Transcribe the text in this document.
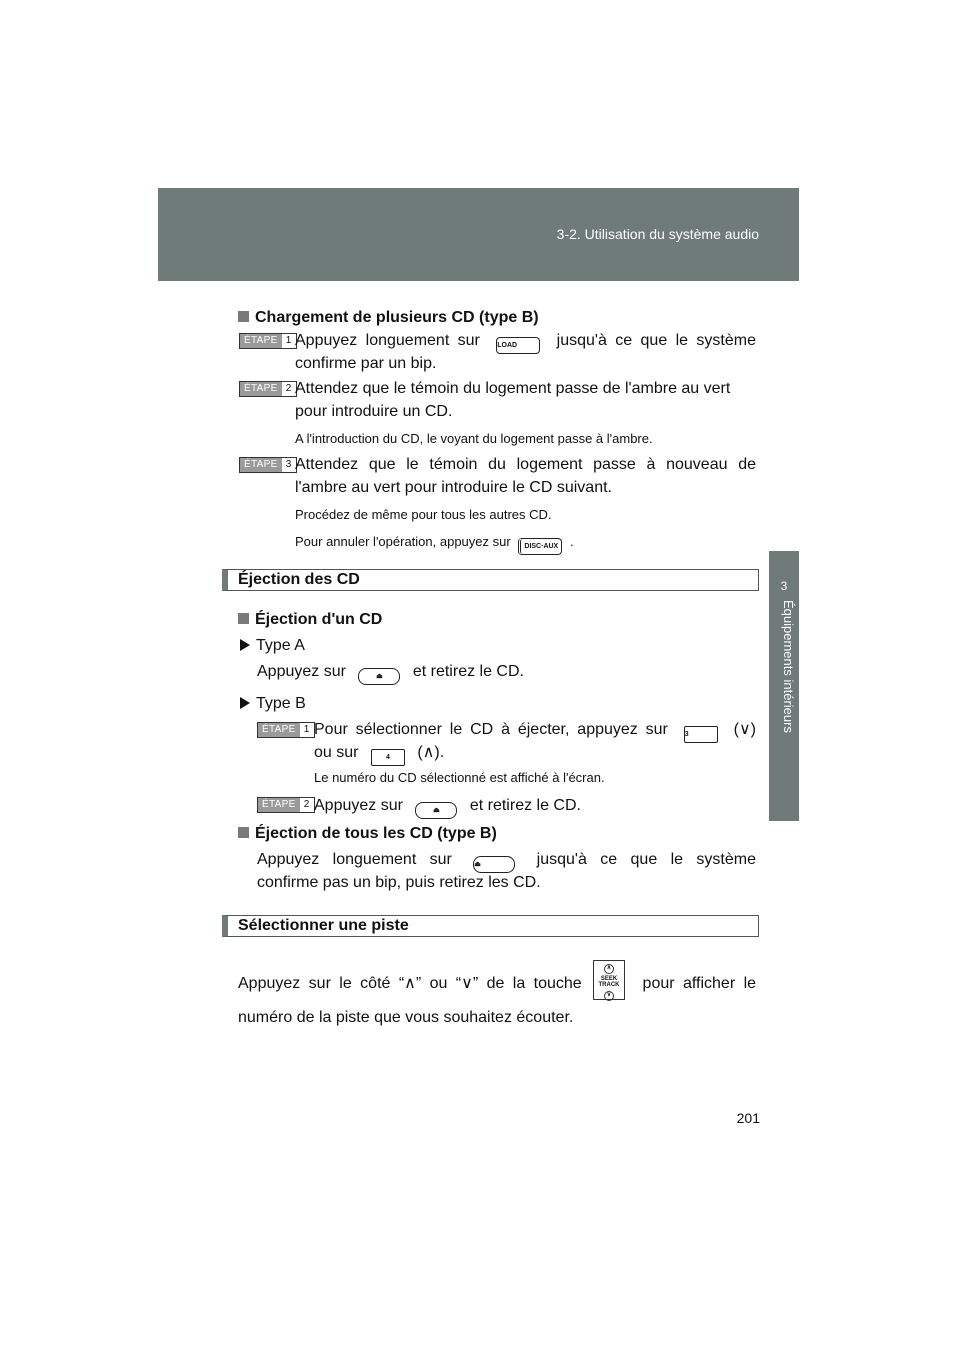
3-2. Utilisation du système audio
3
Équipements intérieurs
Chargement de plusieurs CD (type B)
ÉTAPE 1 Appuyez longuement sur LOAD jusqu'à ce que le système
confirme par un bip.
ÉTAPE 2 Attendez que le témoin du logement passe de l'ambre au vert
pour introduire un CD.
A l'introduction du CD, le voyant du logement passe à l'ambre.
ÉTAPE 3 Attendez que le témoin du logement passe à nouveau de
l'ambre au vert pour introduire le CD suivant.
Procédez de même pour tous les autres CD.
Pour annuler l'opération, appuyez sur DISC·AUX .
Éjection des CD
Éjection d'un CD
Type A
Appuyez sur	⏏ et retirez le CD.
Type B
ÉTAPE 1 Pour sélectionner le CD à éjecter, appuyez sur 3	(∨)
ou sur	4 (∧).
Le numéro du CD sélectionné est affiché à l'écran.
ÉTAPE 2 Appuyez sur	⏏ et retirez le CD.
Éjection de tous les CD (type B)
Appuyez longuement sur	⏏	jusqu'à ce que le système
confirme pas un bip, puis retirez les CD.
Sélectionner une piste
Appuyez sur le côté “∧” ou “∨” de la touche	pour afficher le
∧
SEEK TRACK
∨
numéro de la piste que vous souhaitez écouter.
201
